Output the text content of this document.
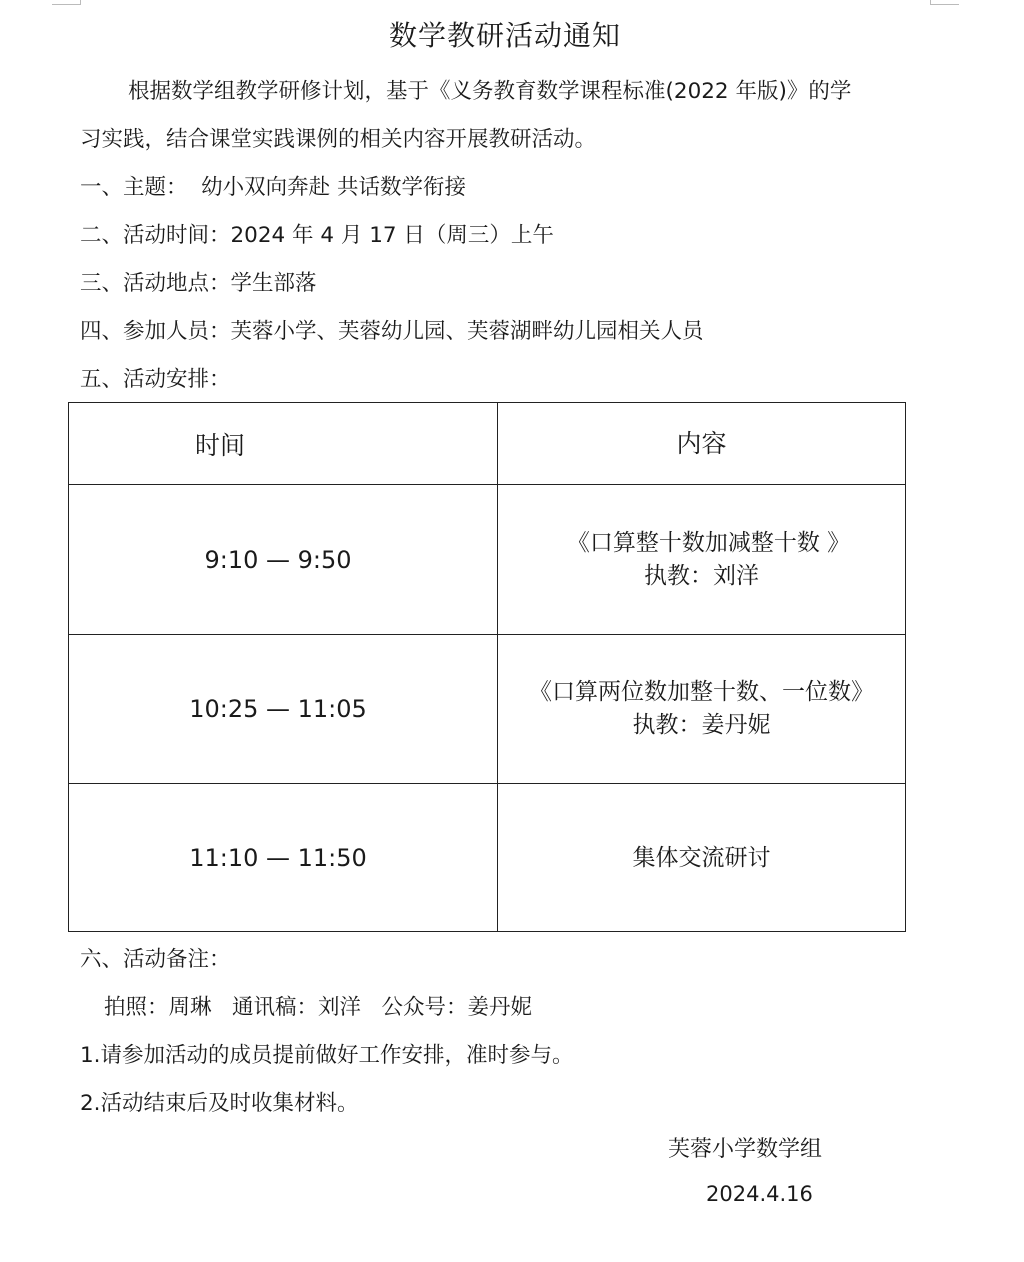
数学教研活动通知
根据数学组教学研修计划，基于《义务教育数学课程标准(2022 年版)》的学
习实践，结合课堂实践课例的相关内容开展教研活动。
一、主题：  幼小双向奔赴 共话数学衔接
二、活动时间：2024 年 4 月 17 日（周三）上午
三、活动地点：学生部落
四、参加人员：芙蓉小学、芙蓉幼儿园、芙蓉湖畔幼儿园相关人员
五、活动安排：
时间	内容
9:10 — 9:50
《口算整十数加减整十数 》
执教：刘洋
10:25 — 11:05
《口算两位数加整十数、一位数》
执教：姜丹妮
11:10 — 11:50	集体交流研讨
六、活动备注：
拍照：周琳   通讯稿：刘洋   公众号：姜丹妮
1.请参加活动的成员提前做好工作安排，准时参与。
2.活动结束后及时收集材料。
芙蓉小学数学组
2024.4.16
